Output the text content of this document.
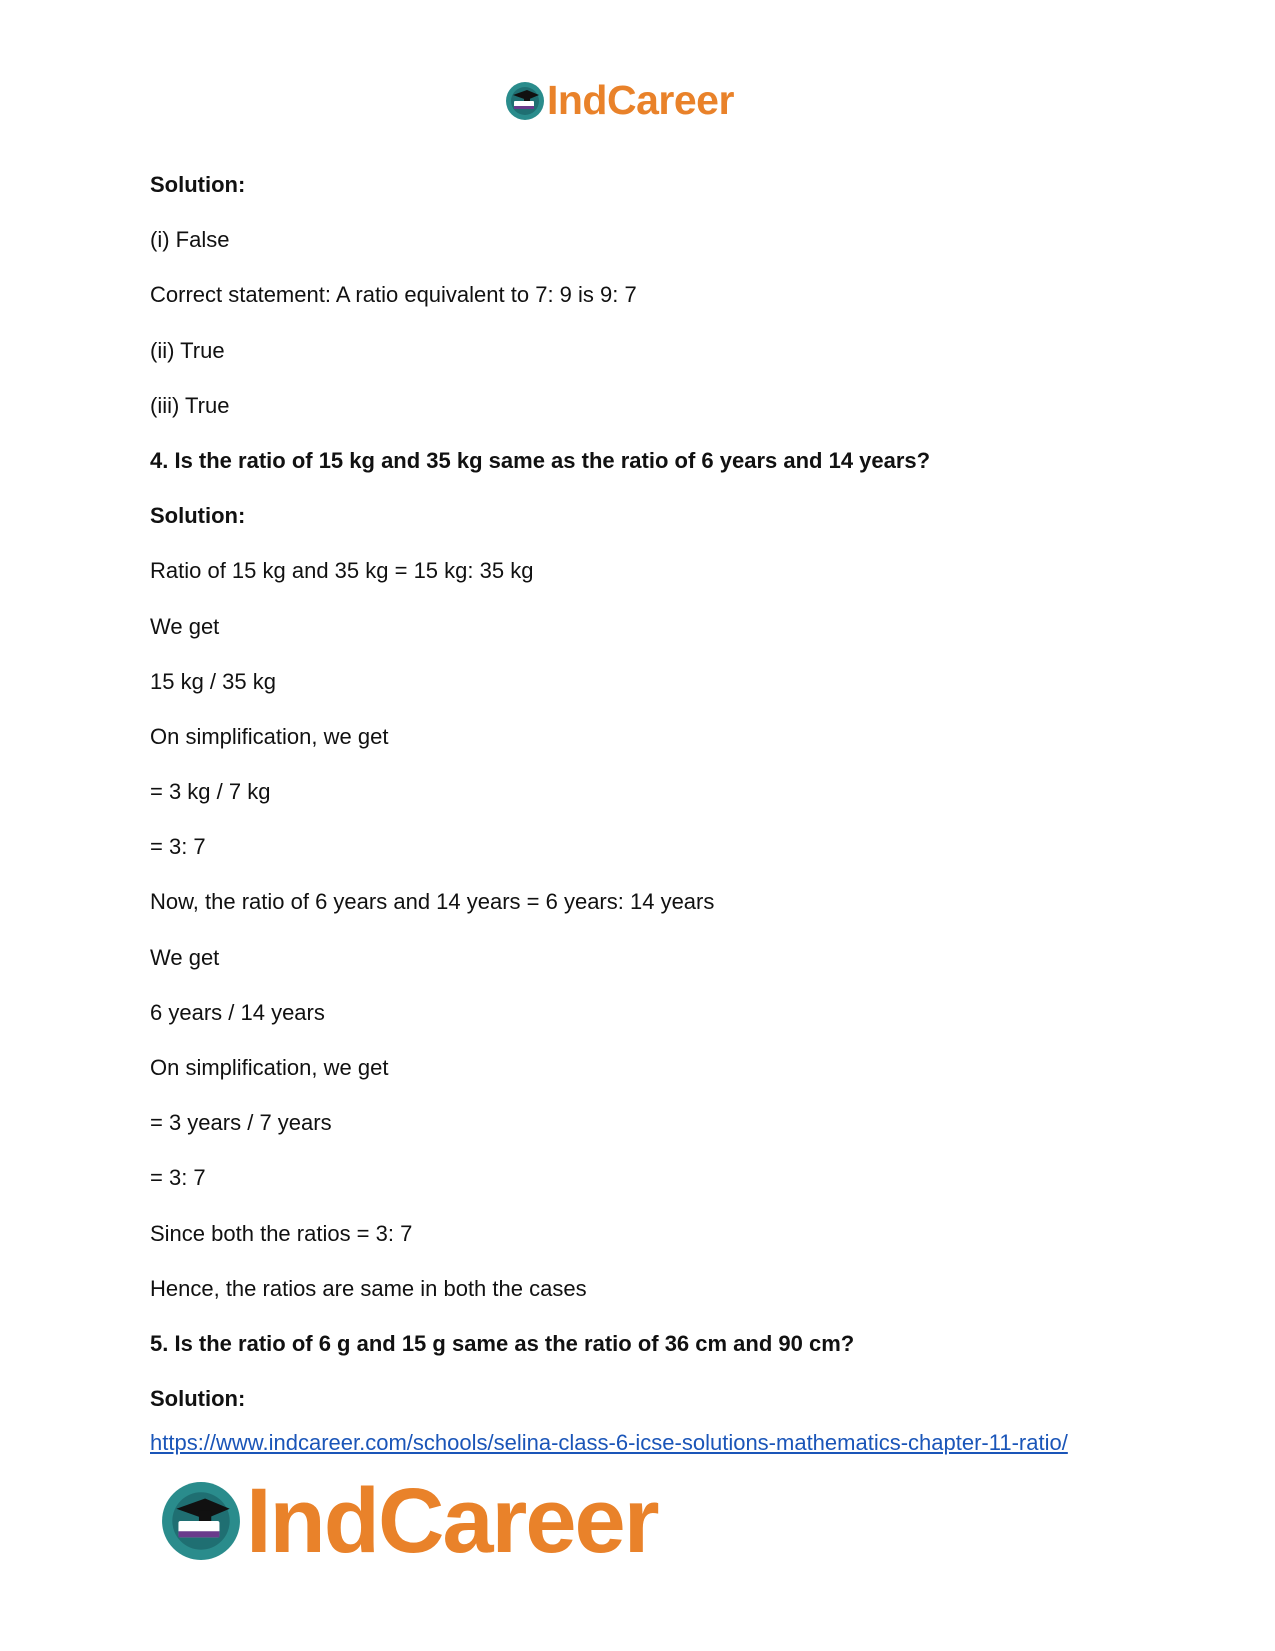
IndCareer
Solution:
(i) False
Correct statement: A ratio equivalent to 7: 9 is 9: 7
(ii) True
(iii) True
4. Is the ratio of 15 kg and 35 kg same as the ratio of 6 years and 14 years?
Solution:
Ratio of 15 kg and 35 kg = 15 kg: 35 kg
We get
15 kg / 35 kg
On simplification, we get
= 3 kg / 7 kg
= 3: 7
Now, the ratio of 6 years and 14 years = 6 years: 14 years
We get
6 years / 14 years
On simplification, we get
= 3 years / 7 years
= 3: 7
Since both the ratios = 3: 7
Hence, the ratios are same in both the cases
5. Is the ratio of 6 g and 15 g same as the ratio of 36 cm and 90 cm?
Solution:
https://www.indcareer.com/schools/selina-class-6-icse-solutions-mathematics-chapter-11-ratio/
IndCareer
